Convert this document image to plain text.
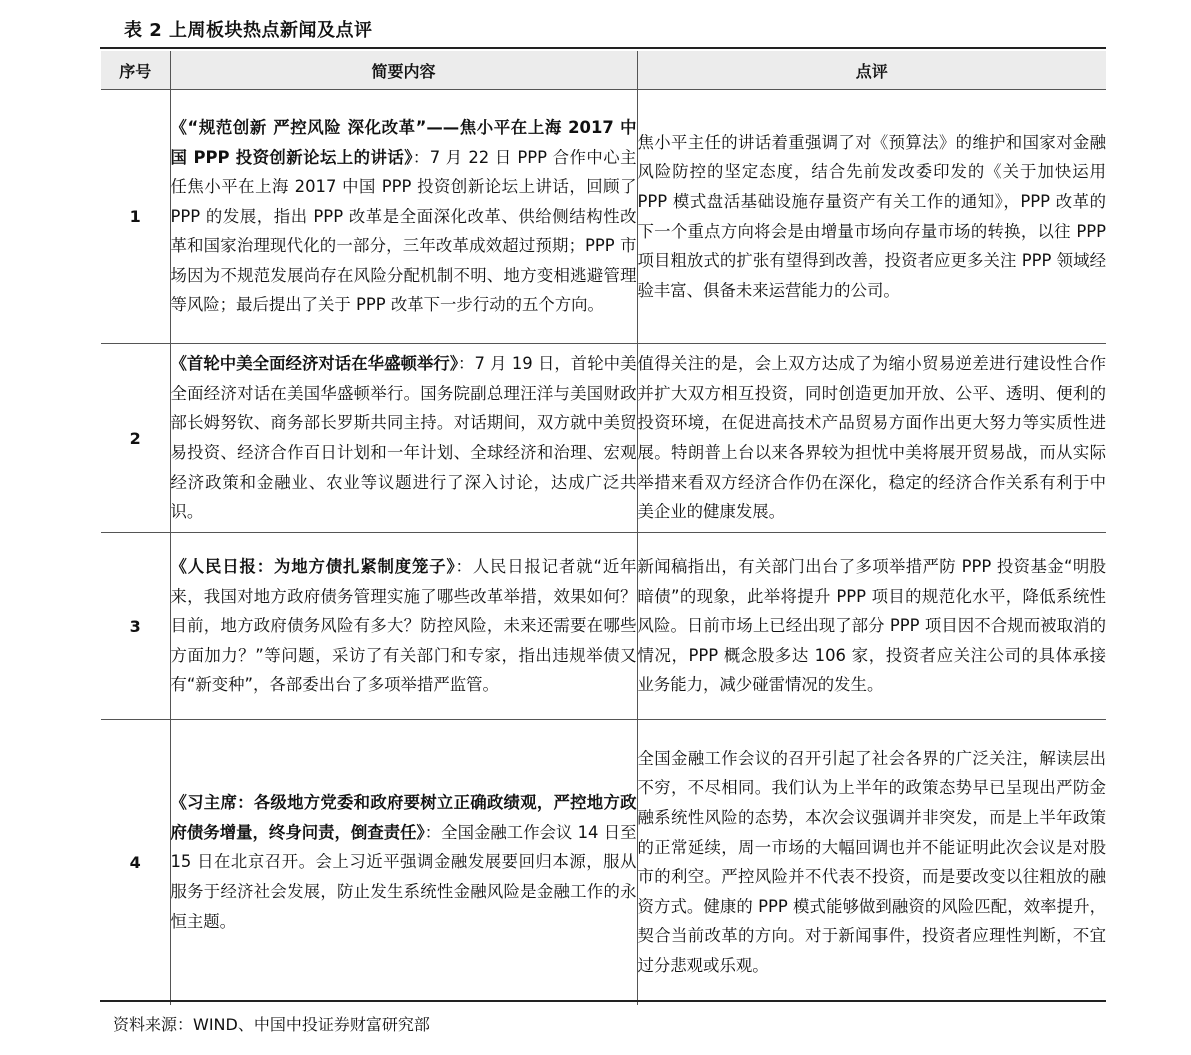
表 2 上周板块热点新闻及点评
序号	简要内容	点评
1	《“规范创新 严控风险 深化改革”——焦小平在上海 2017 中国 PPP 投资创新论坛上的讲话》：7 月 22 日 PPP 合作中心主任焦小平在上海 2017 中国 PPP 投资创新论坛上讲话，回顾了 PPP 的发展，指出 PPP 改革是全面深化改革、供给侧结构性改革和国家治理现代化的一部分，三年改革成效超过预期；PPP 市场因为不规范发展尚存在风险分配机制不明、地方变相逃避管理等风险；最后提出了关于 PPP 改革下一步行动的五个方向。	焦小平主任的讲话着重强调了对《预算法》的维护和国家对金融风险防控的坚定态度，结合先前发改委印发的《关于加快运用 PPP 模式盘活基础设施存量资产有关工作的通知》，PPP 改革的下一个重点方向将会是由增量市场向存量市场的转换，以往 PPP 项目粗放式的扩张有望得到改善，投资者应更多关注 PPP 领域经验丰富、俱备未来运营能力的公司。

2	《首轮中美全面经济对话在华盛顿举行》：7 月 19 日，首轮中美全面经济对话在美国华盛顿举行。国务院副总理汪洋与美国财政部长姆努钦、商务部长罗斯共同主持。对话期间，双方就中美贸易投资、经济合作百日计划和一年计划、全球经济和治理、宏观经济政策和金融业、农业等议题进行了深入讨论，达成广泛共识。	值得关注的是，会上双方达成了为缩小贸易逆差进行建设性合作并扩大双方相互投资，同时创造更加开放、公平、透明、便利的投资环境，在促进高技术产品贸易方面作出更大努力等实质性进展。特朗普上台以来各界较为担忧中美将展开贸易战，而从实际举措来看双方经济合作仍在深化，稳定的经济合作关系有利于中美企业的健康发展。

3	《人民日报：为地方债扎紧制度笼子》：人民日报记者就“近年来，我国对地方政府债务管理实施了哪些改革举措，效果如何？目前，地方政府债务风险有多大？防控风险，未来还需要在哪些方面加力？”等问题，采访了有关部门和专家，指出违规举债又有“新变种”，各部委出台了多项举措严监管。	新闻稿指出，有关部门出台了多项举措严防 PPP 投资基金“明股暗债”的现象，此举将提升 PPP 项目的规范化水平，降低系统性风险。日前市场上已经出现了部分 PPP 项目因不合规而被取消的情况，PPP 概念股多达 106 家，投资者应关注公司的具体承接业务能力，减少碰雷情况的发生。

4	《习主席：各级地方党委和政府要树立正确政绩观，严控地方政府债务增量，终身问责，倒查责任》：全国金融工作会议 14 日至 15 日在北京召开。会上习近平强调金融发展要回归本源，服从服务于经济社会发展，防止发生系统性金融风险是金融工作的永恒主题。	全国金融工作会议的召开引起了社会各界的广泛关注，解读层出不穷，不尽相同。我们认为上半年的政策态势早已呈现出严防金融系统性风险的态势，本次会议强调并非突发，而是上半年政策的正常延续，周一市场的大幅回调也并不能证明此次会议是对股市的利空。严控风险并不代表不投资，而是要改变以往粗放的融资方式。健康的 PPP 模式能够做到融资的风险匹配，效率提升，契合当前改革的方向。对于新闻事件，投资者应理性判断，不宜过分悲观或乐观。
资料来源：WIND、中国中投证券财富研究部
